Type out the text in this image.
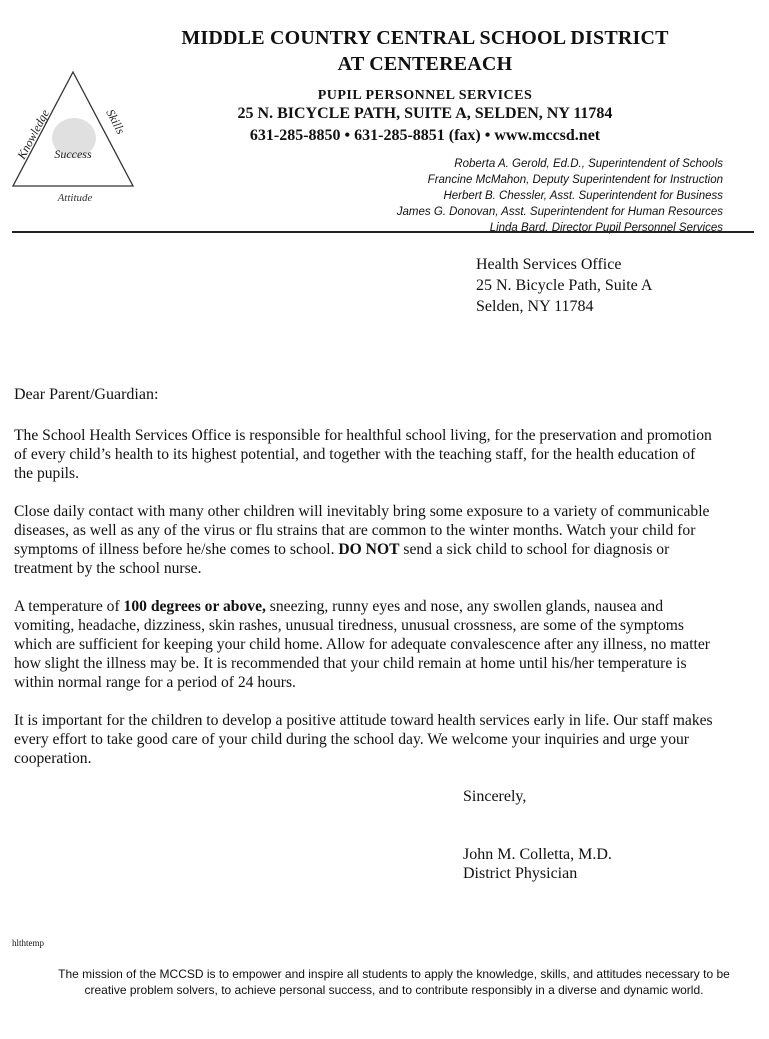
Knowledge	Skills
Success
Attitude
MIDDLE COUNTRY CENTRAL SCHOOL DISTRICT
AT CENTEREACH
PUPIL PERSONNEL SERVICES
25 N. BICYCLE PATH, SUITE A, SELDEN, NY 11784
631-285-8850 • 631-285-8851 (fax) • www.mccsd.net
Roberta A. Gerold, Ed.D., Superintendent of Schools
Francine McMahon, Deputy Superintendent for Instruction
Herbert B. Chessler, Asst. Superintendent for Business
James G. Donovan, Asst. Superintendent for Human Resources
Linda Bard, Director Pupil Personnel Services
Health Services Office
25 N. Bicycle Path, Suite A
Selden, NY 11784
Dear Parent/Guardian:

The School Health Services Office is responsible for healthful school living, for the preservation and promotion of every child’s health to its highest potential, and together with the teaching staff, for the health education of the pupils.

Close daily contact with many other children will inevitably bring some exposure to a variety of communicable diseases, as well as any of the virus or flu strains that are common to the winter months. Watch your child for symptoms of illness before he/she comes to school. DO NOT send a sick child to school for diagnosis or treatment by the school nurse.

A temperature of 100 degrees or above, sneezing, runny eyes and nose, any swollen glands, nausea and vomiting, headache, dizziness, skin rashes, unusual tiredness, unusual crossness, are some of the symptoms which are sufficient for keeping your child home. Allow for adequate convalescence after any illness, no matter how slight the illness may be. It is recommended that your child remain at home until his/her temperature is within normal range for a period of 24 hours.

It is important for the children to develop a positive attitude toward health services early in life. Our staff makes every effort to take good care of your child during the school day. We welcome your inquiries and urge your cooperation.

Sincerely,
John M. Colletta, M.D.
District Physician
hlthtemp
The mission of the MCCSD is to empower and inspire all students to apply the knowledge, skills, and attitudes necessary to be creative problem solvers, to achieve personal success, and to contribute responsibly in a diverse and dynamic world.
